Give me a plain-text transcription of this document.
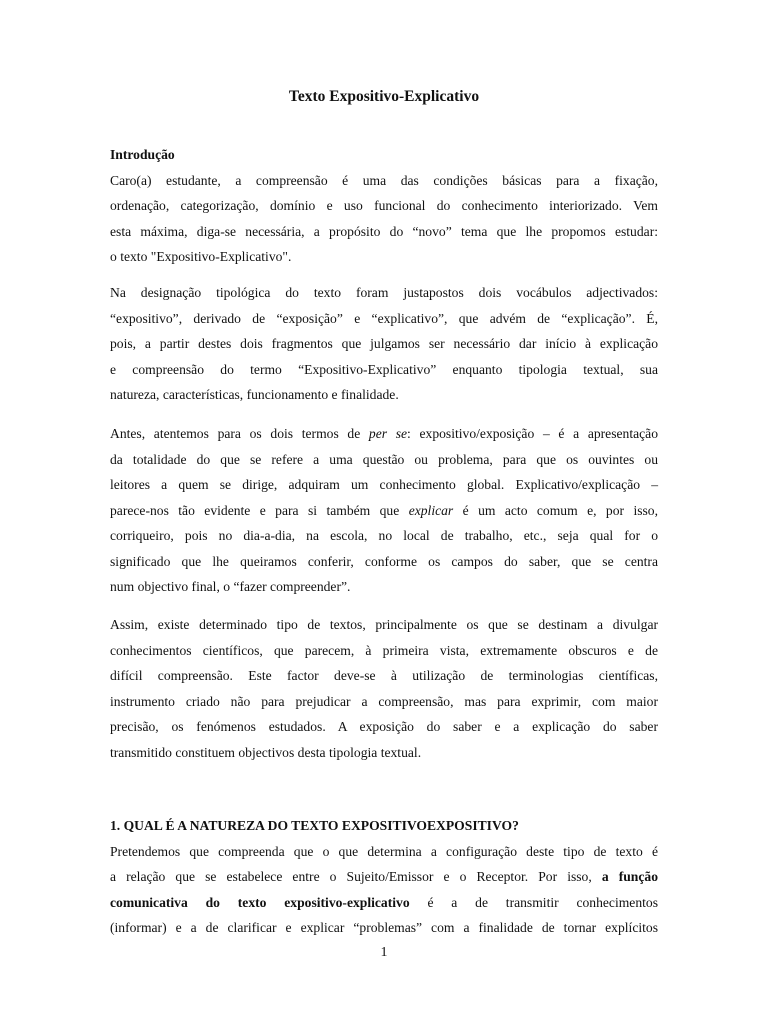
Texto Expositivo-Explicativo
Introdução
Caro(a) estudante, a compreensão é uma das condições básicas para a fixação,
ordenação, categorização, domínio e uso funcional do conhecimento interiorizado. Vem
esta máxima, diga-se necessária, a propósito do “novo” tema que lhe propomos estudar:
o texto "Expositivo-Explicativo".
Na designação tipológica do texto foram justapostos dois vocábulos adjectivados:
“expositivo”, derivado de “exposição” e “explicativo”, que advém de “explicação”. É,
pois, a partir destes dois fragmentos que julgamos ser necessário dar início à explicação
e compreensão do termo “Expositivo-Explicativo” enquanto tipologia textual, sua
natureza, características, funcionamento e finalidade.
Antes, atentemos para os dois termos de per se: expositivo/exposição – é a apresentação
da totalidade do que se refere a uma questão ou problema, para que os ouvintes ou
leitores a quem se dirige, adquiram um conhecimento global. Explicativo/explicação –
parece-nos tão evidente e para si também que explicar é um acto comum e, por isso,
corriqueiro, pois no dia-a-dia, na escola, no local de trabalho, etc., seja qual for o
significado que lhe queiramos conferir, conforme os campos do saber, que se centra
num objectivo final, o “fazer compreender”.
Assim, existe determinado tipo de textos, principalmente os que se destinam a divulgar
conhecimentos científicos, que parecem, à primeira vista, extremamente obscuros e de
difícil compreensão. Este factor deve-se à utilização de terminologias científicas,
instrumento criado não para prejudicar a compreensão, mas para exprimir, com maior
precisão, os fenómenos estudados. A exposição do saber e a explicação do saber
transmitido constituem objectivos desta tipologia textual.
1. QUAL É A NATUREZA DO TEXTO EXPOSITIVOEXPOSITIVO?
Pretendemos que compreenda que o que determina a configuração deste tipo de texto é
a relação que se estabelece entre o Sujeito/Emissor e o Receptor. Por isso, a função
comunicativa do texto expositivo-explicativo é a de transmitir conhecimentos
(informar) e a de clarificar e explicar “problemas” com a finalidade de tornar explícitos
1
